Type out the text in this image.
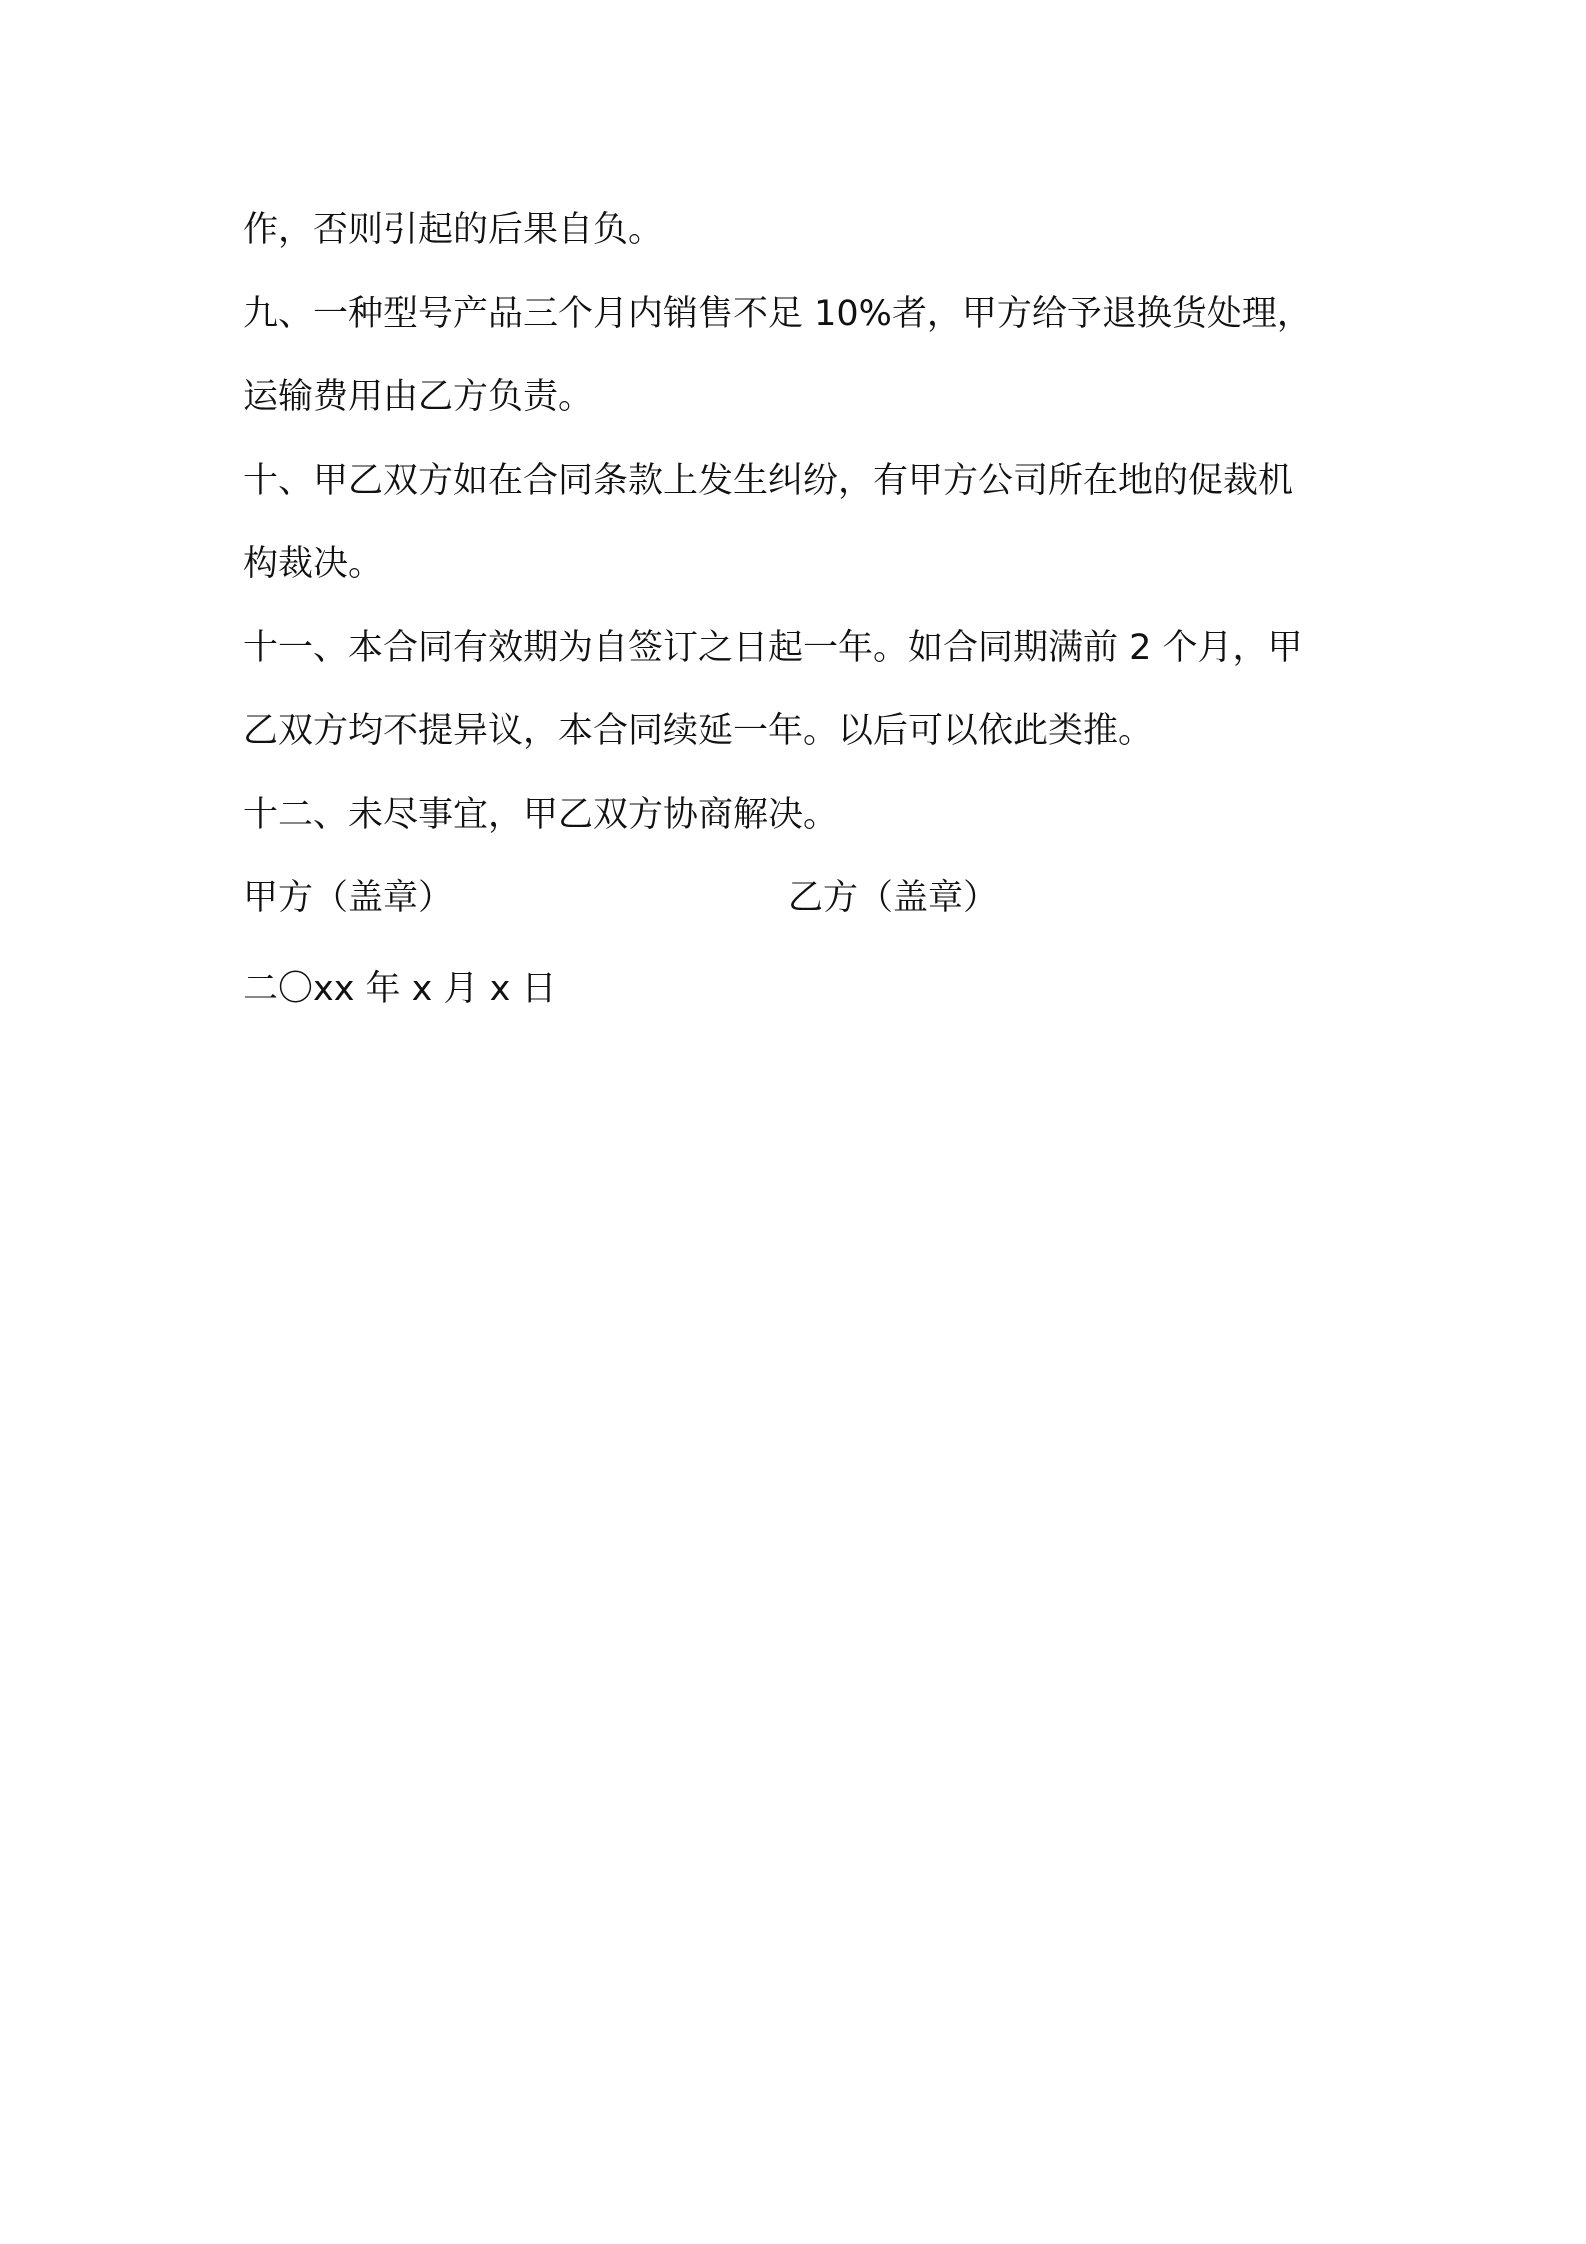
作，否则引起的后果自负。
九、一种型号产品三个月内销售不足 10%者，甲方给予退换货处理，
运输费用由乙方负责。
十、甲乙双方如在合同条款上发生纠纷，有甲方公司所在地的促裁机
构裁决。
十一、本合同有效期为自签订之日起一年。如合同期满前 2 个月，甲
乙双方均不提异议，本合同续延一年。以后可以依此类推。
十二、未尽事宜，甲乙双方协商解决。
甲方（盖章）	乙方（盖章）
二〇xx 年 x 月 x 日
